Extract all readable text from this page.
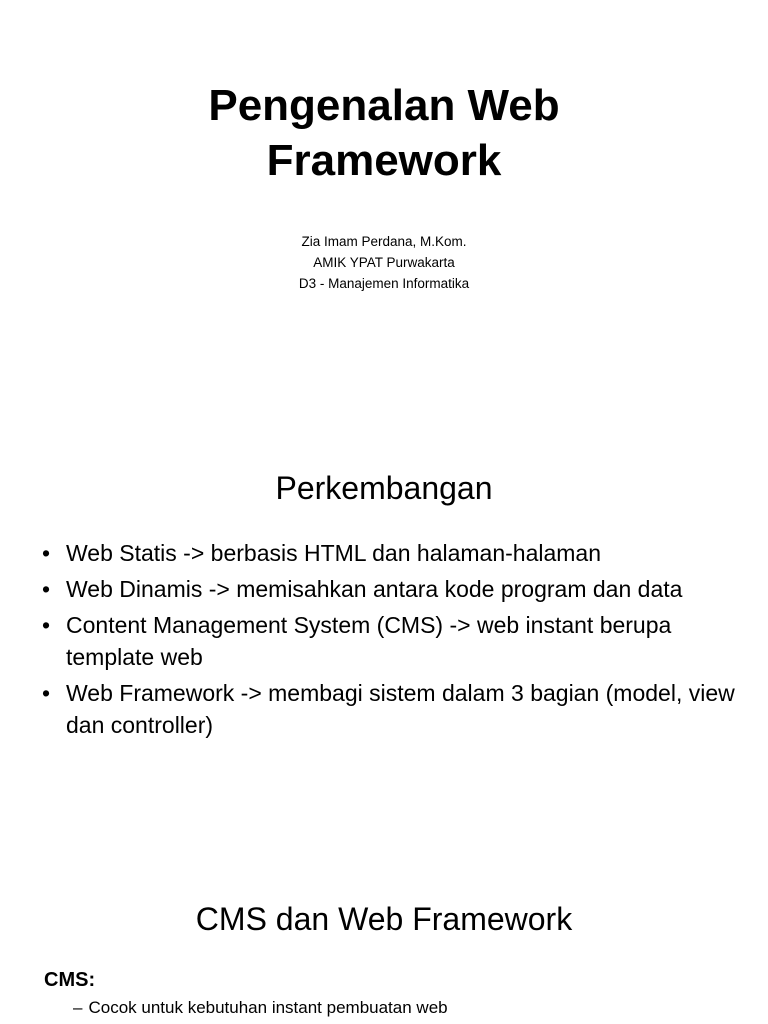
Pengenalan Web
Framework
Zia Imam Perdana, M.Kom.
AMIK YPAT Purwakarta
D3 - Manajemen Informatika
Perkembangan
• Web Statis -> berbasis HTML dan halaman-halaman
• Web Dinamis -> memisahkan antara kode program dan data
• Content Management System (CMS) -> web instant berupa template web
• Web Framework -> membagi sistem dalam 3 bagian (model, view dan controller)
CMS dan Web Framework
CMS:
– Cocok untuk kebutuhan instant pembuatan web
